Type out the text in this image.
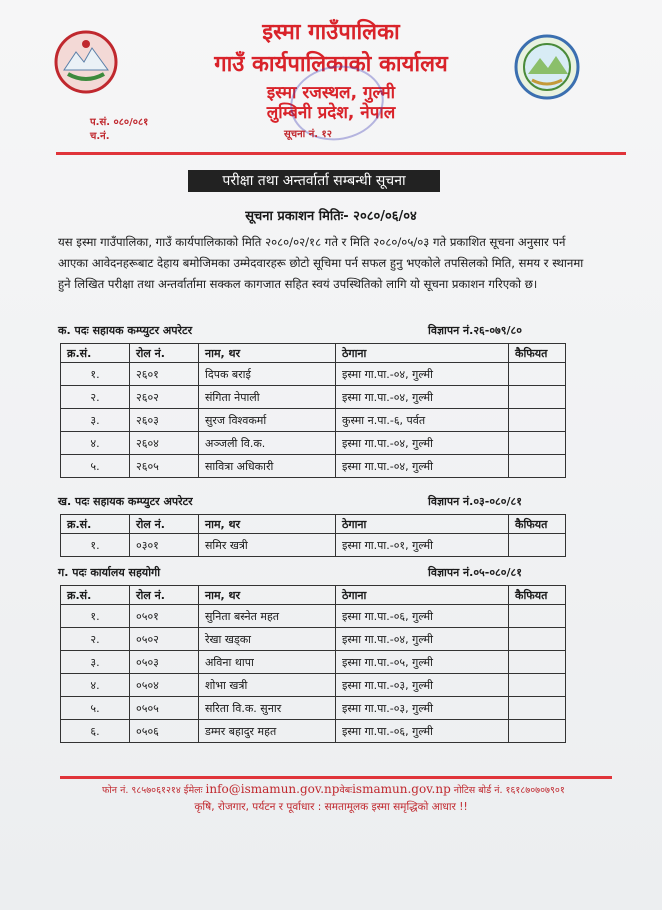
इस्मा गाउँपालिका
गाउँ कार्यपालिकाको कार्यालय
इस्मा रजस्थल, गुल्मी
लुम्बिनी प्रदेश, नेपाल
प.सं. ०८०/०८१
च.नं.	सूचना नं. १२
परीक्षा तथा अन्तर्वार्ता सम्बन्धी सूचना
सूचना प्रकाशन मितिः- २०८०/०६/०४
यस इस्मा गाउँपालिका, गाउँ कार्यपालिकाको मिति २०८०/०२/१८ गते र मिति २०८०/०५/०३ गते प्रकाशित सूचना अनुसार पर्न आएका आवेदनहरूबाट देहाय बमोजिमका उम्मेदवारहरू छोटो सूचिमा पर्न सफल हुनु भएकोले तपसिलको मिति, समय र स्थानमा हुने लिखित परीक्षा तथा अन्तर्वार्तामा सक्कल कागजात सहित स्वयं उपस्थितिको लागि यो सूचना प्रकाशन गरिएको छ।
क. पदः सहायक कम्प्युटर अपरेटर	विज्ञापन नं.२६-०७९/८०
क्र.सं.	रोल नं.	नाम, थर	ठेगाना	कैफियत
१.	२६०१	दिपक बराई	इस्मा गा.पा.-०४, गुल्मी	
२.	२६०२	संगिता नेपाली	इस्मा गा.पा.-०४, गुल्मी	
३.	२६०३	सुरज विश्वकर्मा	कुस्मा न.पा.-६, पर्वत	
४.	२६०४	अञ्जली वि.क.	इस्मा गा.पा.-०४, गुल्मी	
५.	२६०५	सावित्रा अधिकारी	इस्मा गा.पा.-०४, गुल्मी	
ख. पदः सहायक कम्प्युटर अपरेटर	विज्ञापन नं.०३-०८०/८१
क्र.सं.	रोल नं.	नाम, थर	ठेगाना	कैफियत
१.	०३०१	समिर खत्री	इस्मा गा.पा.-०१, गुल्मी	
ग. पदः कार्यालय सहयोगी	विज्ञापन नं.०५-०८०/८१
क्र.सं.	रोल नं.	नाम, थर	ठेगाना	कैफियत
१.	०५०१	सुनिता बस्नेत महत	इस्मा गा.पा.-०६, गुल्मी	
२.	०५०२	रेखा खड्का	इस्मा गा.पा.-०४, गुल्मी	
३.	०५०३	अविना थापा	इस्मा गा.पा.-०५, गुल्मी	
४.	०५०४	शोभा खत्री	इस्मा गा.पा.-०३, गुल्मी	
५.	०५०५	सरिता वि.क. सुनार	इस्मा गा.पा.-०३, गुल्मी	
६.	०५०६	डम्मर बहादुर महत	इस्मा गा.पा.-०६, गुल्मी	
फोन नं. ९८५७०६१२१४ ईमेलः info@ismamun.gov.npवेबःismamun.gov.np नोटिस बोर्ड नं. १६१८७०७०७९०१
कृषि, रोजगार, पर्यटन र पूर्वाधार : समतामूलक इस्मा समृद्धिको आधार !!
